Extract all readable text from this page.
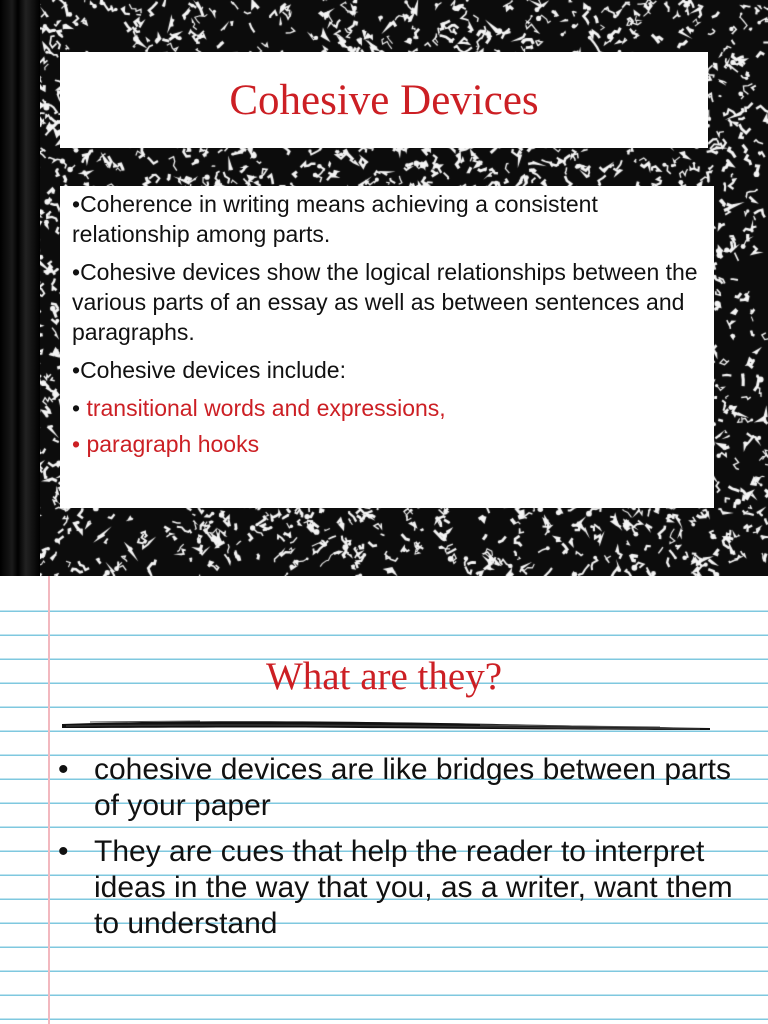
Cohesive Devices

•Coherence in writing means achieving a consistent relationship among parts.

•Cohesive devices show the logical relationships between the various parts of an essay as well as between sentences and paragraphs.

•Cohesive devices include:

• transitional words and expressions,

• paragraph hooks

What are they?
• cohesive devices are like bridges between parts of your paper
• They are cues that help the reader to interpret ideas in the way that you, as a writer, want them to understand
